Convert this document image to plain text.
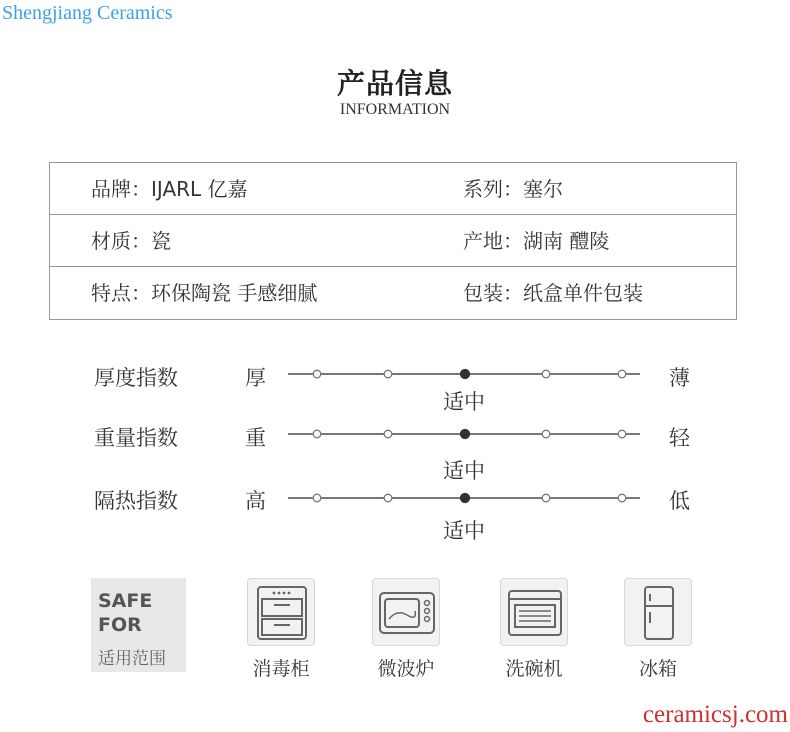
Shengjiang Ceramics
产品信息
INFORMATION
品牌：IJARL 亿嘉	系列：塞尔
材质：瓷	产地：湖南 醴陵
特点：环保陶瓷 手感细腻	包装：纸盒单件包装
厚度指数	厚	薄
适中
重量指数	重	轻
适中
隔热指数	高	低
适中
SAFE
FOR
适用范围	消毒柜	微波炉	洗碗机	冰箱
ceramicsj.com
